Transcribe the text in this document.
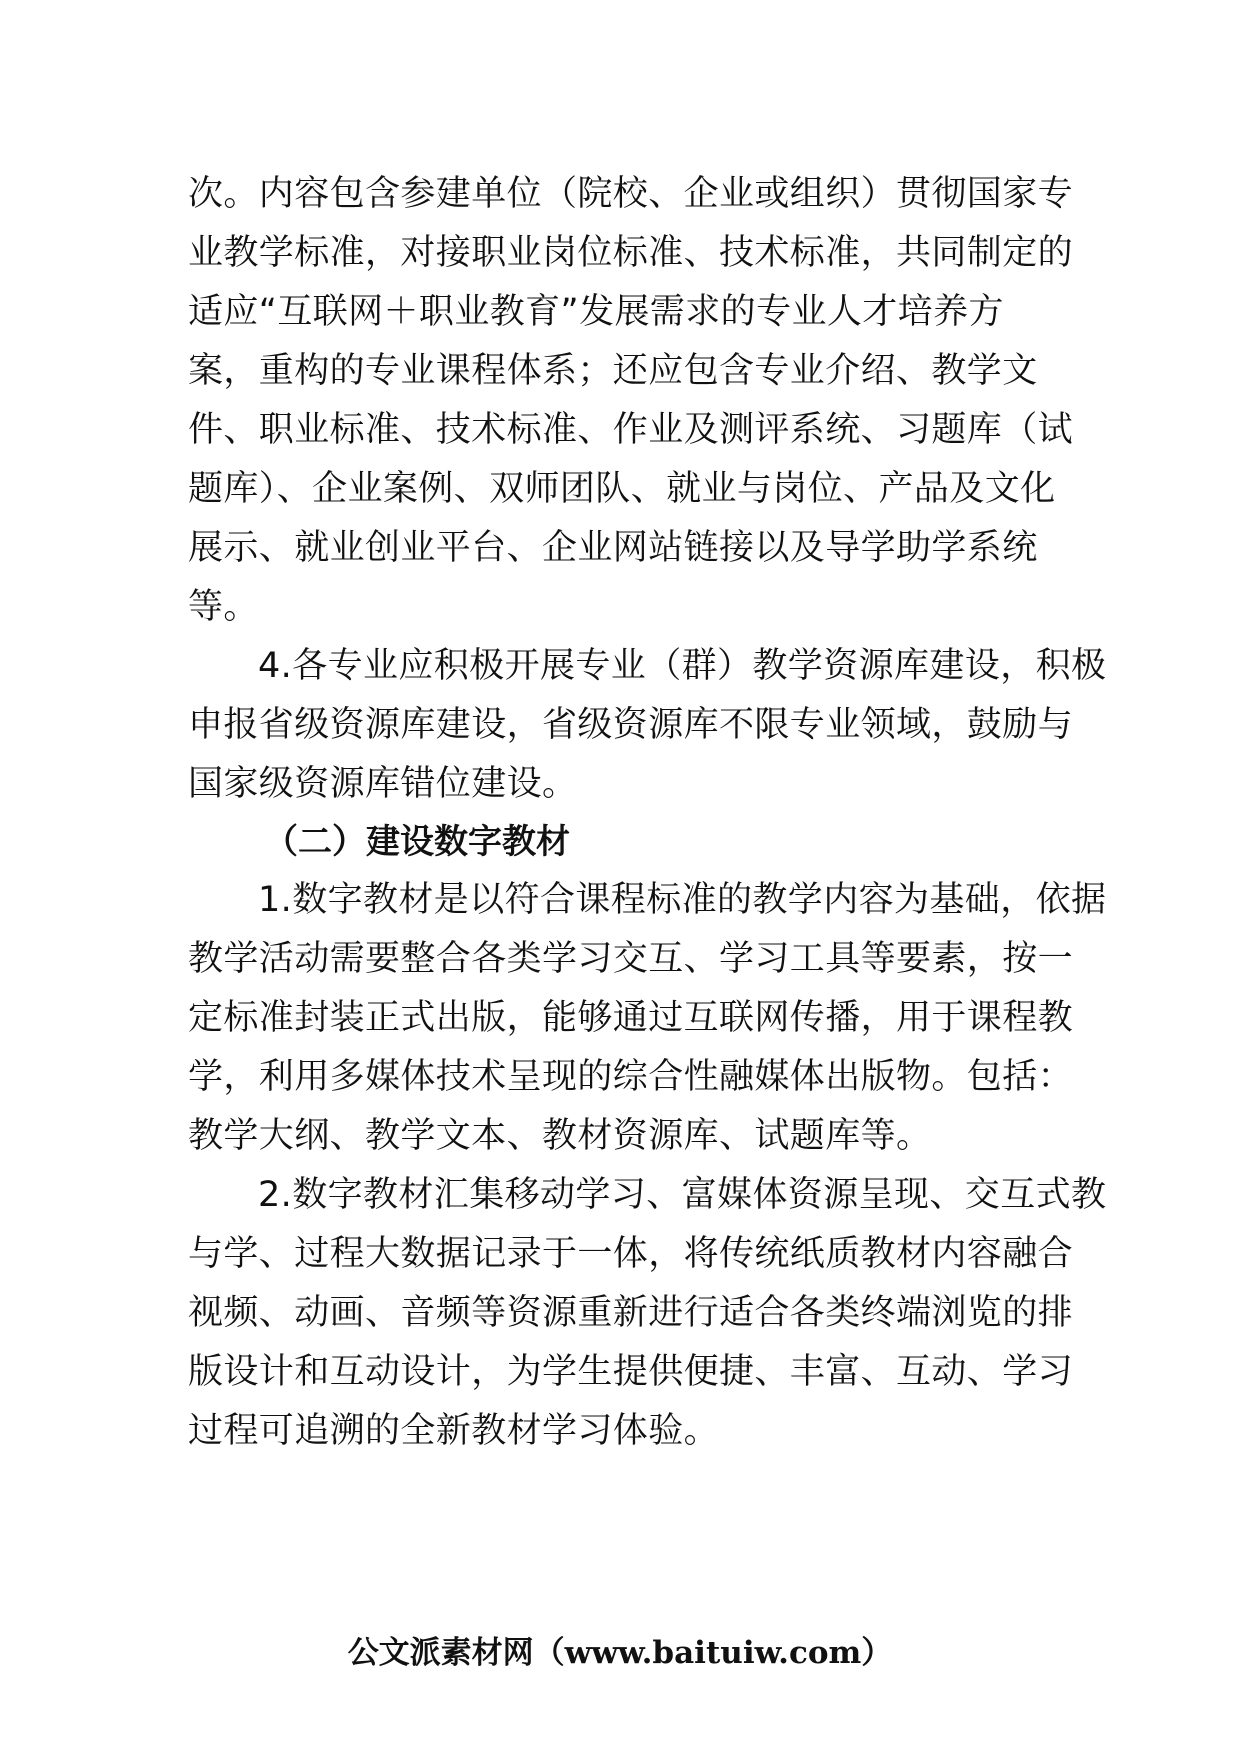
次。内容包含参建单位（院校、企业或组织）贯彻国家专
业教学标准，对接职业岗位标准、技术标准，共同制定的
适应“互联网＋职业教育”发展需求的专业人才培养方
案，重构的专业课程体系；还应包含专业介绍、教学文
件、职业标准、技术标准、作业及测评系统、习题库（试
题库）、企业案例、双师团队、就业与岗位、产品及文化
展示、就业创业平台、企业网站链接以及导学助学系统
等。
4.各专业应积极开展专业（群）教学资源库建设，积极
申报省级资源库建设，省级资源库不限专业领域，鼓励与
国家级资源库错位建设。
（二）建设数字教材
1.数字教材是以符合课程标准的教学内容为基础，依据
教学活动需要整合各类学习交互、学习工具等要素，按一
定标准封装正式出版，能够通过互联网传播，用于课程教
学，利用多媒体技术呈现的综合性融媒体出版物。包括：
教学大纲、教学文本、教材资源库、试题库等。
2.数字教材汇集移动学习、富媒体资源呈现、交互式教
与学、过程大数据记录于一体，将传统纸质教材内容融合
视频、动画、音频等资源重新进行适合各类终端浏览的排
版设计和互动设计，为学生提供便捷、丰富、互动、学习
过程可追溯的全新教材学习体验。
公文派素材网（www.baituiw.com）
